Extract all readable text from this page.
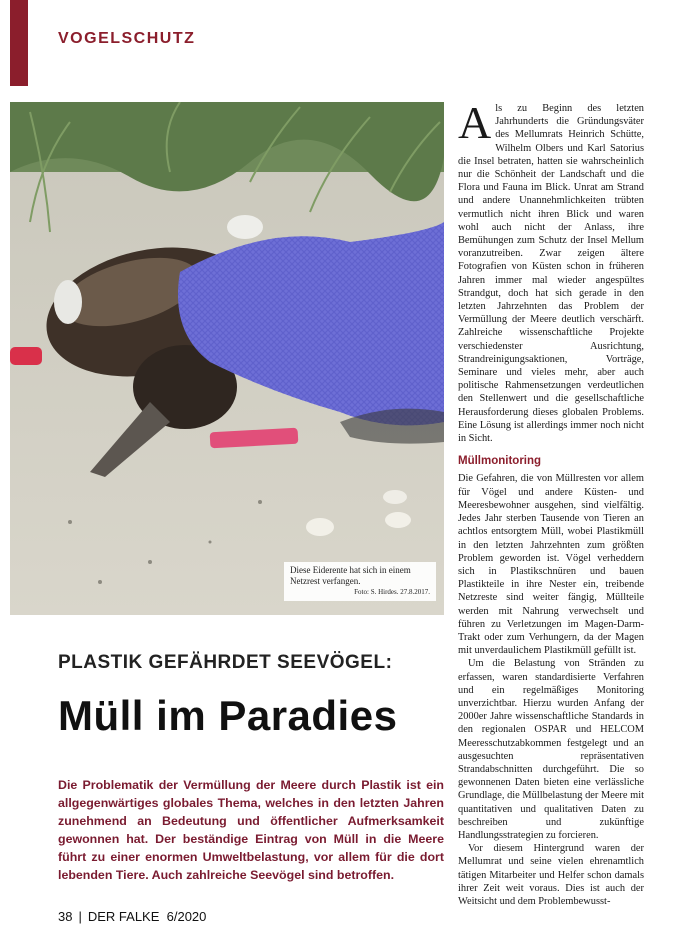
VOGELSCHUTZ
Diese Eiderente hat sich in einem Netzrest verfangen.
Foto: S. Hirdes. 27.8.2017.
PLASTIK GEFÄHRDET SEEVÖGEL:
Müll im Paradies

Die Problematik der Vermüllung der Meere durch Plastik ist ein allgegenwärtiges globales Thema, welches in den letzten Jahren zunehmend an Bedeutung und öffentlicher Aufmerksamkeit gewonnen hat. Der beständige Eintrag von Müll in die Meere führt zu einer enormen Umweltbelastung, vor allem für die dort lebenden Tiere. Auch zahlreiche Seevögel sind betroffen.

Als zu Beginn des letzten Jahrhunderts die Gründungsväter des Mellumrats Heinrich Schütte, Wilhelm Olbers und Karl Satorius die Insel betraten, hatten sie wahrscheinlich nur die Schönheit der Landschaft und die Flora und Fauna im Blick. Unrat am Strand und andere Unannehmlichkeiten trübten vermutlich nicht ihren Blick und waren wohl auch nicht der Anlass, ihre Bemühungen zum Schutz der Insel Mellum voranzutreiben. Zwar zeigen ältere Fotografien von Küsten schon in früheren Jahren immer mal wieder angespültes Strandgut, doch hat sich gerade in den letzten Jahrzehnten das Problem der Vermüllung der Meere deutlich verschärft. Zahlreiche wissenschaftliche Projekte verschiedenster Ausrichtung, Strandreinigungsaktionen, Vorträge, Seminare und vieles mehr, aber auch politische Rahmensetzungen verdeutlichen den Stellenwert und die gesellschaftliche Herausforderung dieses globalen Problems. Eine Lösung ist allerdings immer noch nicht in Sicht.

Müllmonitoring

Die Gefahren, die von Müllresten vor allem für Vögel und andere Küsten- und Meeresbewohner ausgehen, sind vielfältig. Jedes Jahr sterben Tausende von Tieren an achtlos entsorgtem Müll, wobei Plastikmüll in den letzten Jahrzehnten zum größten Problem geworden ist. Vögel verheddern sich in Plastikschnüren und bauen Plastikteile in ihre Nester ein, treibende Netzreste sind weiter fängig, Müllteile werden mit Nahrung verwechselt und führen zu Verletzungen im Magen-Darm-Trakt oder zum Verhungern, da der Magen mit unverdaulichem Plastikmüll gefüllt ist.

Um die Belastung von Stränden zu erfassen, waren standardisierte Verfahren und ein regelmäßiges Monitoring unverzichtbar. Hierzu wurden Anfang der 2000er Jahre wissenschaftliche Standards in den regionalen OSPAR und HELCOM Meeresschutzabkommen festgelegt und an ausgesuchten repräsentativen Strandabschnitten durchgeführt. Die so gewonnenen Daten bieten eine verlässliche Grundlage, die Müllbelastung der Meere mit quantitativen und qualitativen Daten zu beschreiben und zukünftige Handlungsstrategien zu forcieren.

Vor diesem Hintergrund waren der Mellumrat und seine vielen ehrenamtlich tätigen Mitarbeiter und Helfer schon damals ihrer Zeit weit voraus. Dies ist auch der Weitsicht und dem Problembewusst-

38 | DER FALKE 6/2020
